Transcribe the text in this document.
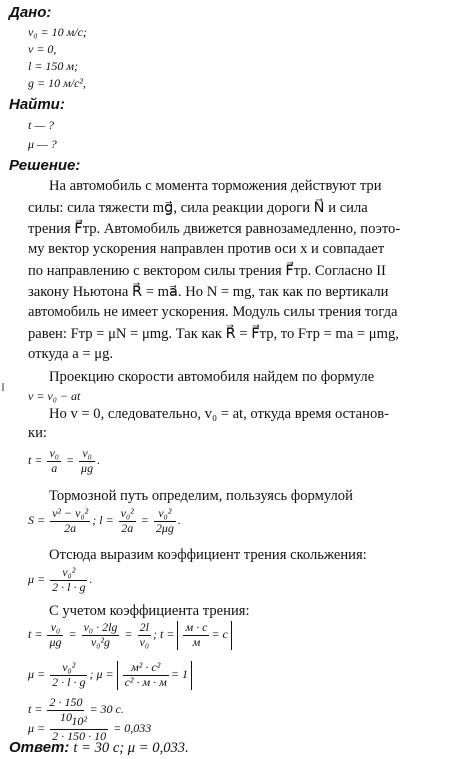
Дано:
v₀ = 10 м/с;
v = 0,
l = 150 м;
g = 10 м/с²,
Найти:
t — ?
μ — ?
Решение:
На автомобиль с момента торможения действуют три
силы: сила тяжести mg⃗, сила реакции дороги N⃗ и сила
трения F⃗тр. Автомобиль движется равнозамедленно, поэто-
му вектор ускорения направлен против оси x и совпадает
по направлению с вектором силы трения F⃗тр. Согласно II
закону Ньютона R⃗ = ma⃗. Но N = mg, так как по вертикали
автомобиль не имеет ускорения. Модуль силы трения тогда
равен: Fтр = μN = μmg. Так как R⃗ = F⃗тр, то Fтр = ma = μmg,
откуда a = μg.
Проекцию скорости автомобиля найдем по формуле
v = v₀ − at
Но v = 0, следовательно, v₀ = at, откуда время останов-
ки:
$t = \frac{\text{v₀}}{a} = \frac{\text{v₀}}{\mu g}$ .
Тормозной путь определим, пользуясь формулой
$S = \frac{\text{v² − v₀²}}{2a}$ ; $l = \frac{\text{v₀²}}{2a} = \frac{\text{v₀²}}{2\mu g}$ .
Отсюда выразим коэффициент трения скольжения:
$\mu = \frac{\text{v₀²}}{2 \cdot l \cdot g}$ .
С учетом коэффициента трения:
$t = \frac{\text{v₀}}{\mu g} = \frac{\text{v₀ · 2lg}}{\text{v₀²g}} = \frac{2l}{\text{v₀}}$ ; $t = \frac{м \cdot с}{м} = c$
$\mu = \frac{\text{v₀²}}{2 \cdot l \cdot g}$ ; $\mu = \frac{\text{м² · с²}}{\text{с² · м · м}} = 1$
$t = \frac{2 \cdot 150}{10} = 30$ с.
$\mu = \frac{\text{10²}}{2 \cdot 150 \cdot 10} = 0,033$
Ответ: t = 30 с; μ = 0,033.
